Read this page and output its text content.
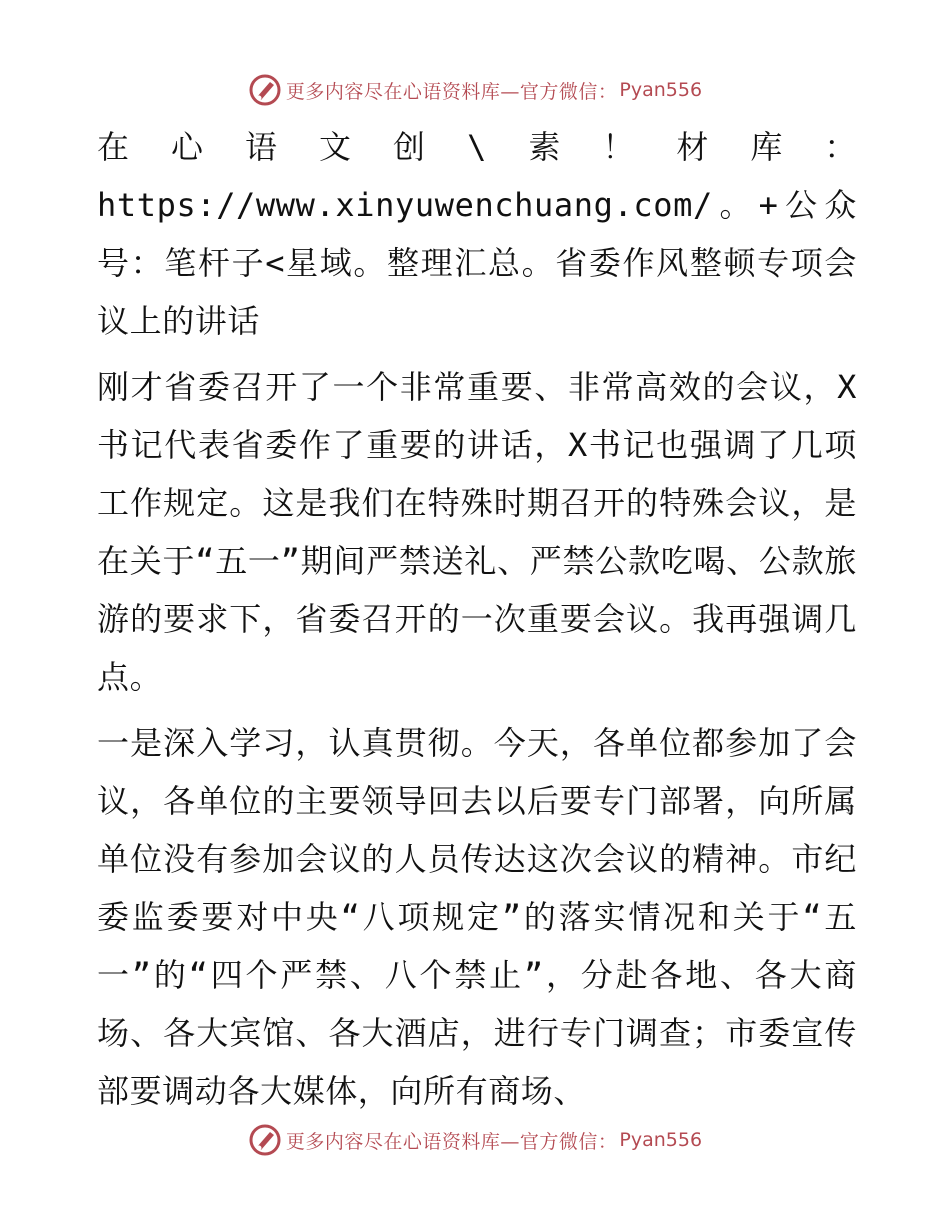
更多内容尽在心语资料库—官方微信： Pyan556

在心语文创\素！材库：https://www.xinyuwenchuang.com/。+公众号：笔杆子<星域。整理汇总。省委作风整顿专项会议上的讲话

刚才省委召开了一个非常重要、非常高效的会议，X书记代表省委作了重要的讲话，X书记也强调了几项工作规定。这是我们在特殊时期召开的特殊会议，是在关于“五一”期间严禁送礼、严禁公款吃喝、公款旅游的要求下，省委召开的一次重要会议。我再强调几点。

一是深入学习，认真贯彻。今天，各单位都参加了会议，各单位的主要领导回去以后要专门部署，向所属单位没有参加会议的人员传达这次会议的精神。市纪委监委要对中央“八项规定”的落实情况和关于“五一”的“四个严禁、八个禁止”，分赴各地、各大商场、各大宾馆、各大酒店，进行专门调查；市委宣传部要调动各大媒体，向所有商场、

更多内容尽在心语资料库—官方微信： Pyan556
